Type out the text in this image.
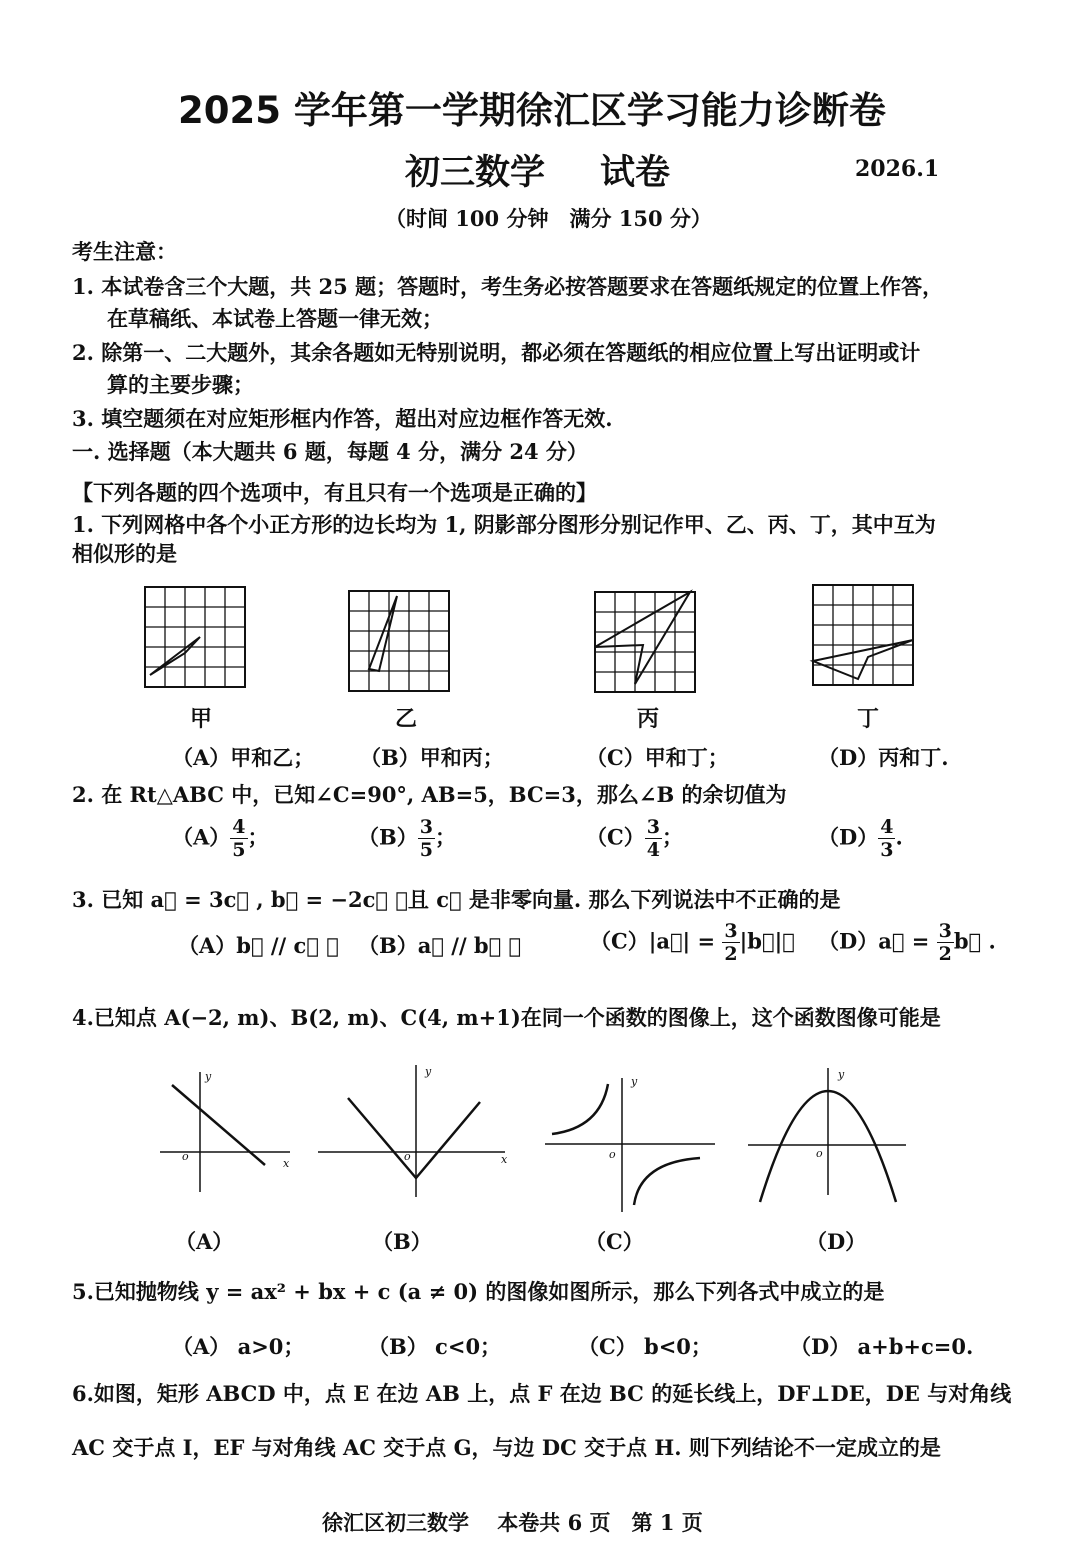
2025 学年第一学期徐汇区学习能力诊断卷
初三数学 试卷	2026.1
（时间 100 分钟　满分 150 分）
考生注意：
1. 本试卷含三个大题，共 25 题；答题时，考生务必按答题要求在答题纸规定的位置上作答，
在草稿纸、本试卷上答题一律无效；
2. 除第一、二大题外，其余各题如无特别说明，都必须在答题纸的相应位置上写出证明或计
算的主要步骤；
3. 填空题须在对应矩形框内作答，超出对应边框作答无效.
一. 选择题（本大题共 6 题，每题 4 分，满分 24 分）
【下列各题的四个选项中，有且只有一个选项是正确的】
1. 下列网格中各个小正方形的边长均为 1, 阴影部分图形分别记作甲、乙、丙、丁，其中互为
相似形的是
甲	乙	丙	丁
（A）甲和乙； （B）甲和丙；	（C）甲和丁；	（D）丙和丁.
2. 在 Rt△ABC 中，已知∠C=90°, AB=5，BC=3，那么∠B 的余切值为
$(A) \frac{4}{5}$ ；	$(B) \frac{3}{5}$ ；	$(C) \frac{3}{4}$ ；	$(D) \frac{4}{3}$ .
3. 已知 a⃗ = 3c⃗ , b⃗ = −2c⃗ ，且 c⃗ 是非零向量. 那么下列说法中不正确的是
（A）b⃗ // c⃗ ； （B）a⃗ // b⃗ ；	（C）|a⃗| = $\frac{3}{2}$ |b⃗|； （D）a⃗ = $\frac{3}{2}$ b⃗ .
4.已知点 A(−2, m)、B(2, m)、C(4, m+1)在同一个函数的图像上，这个函数图像可能是
o
x
y
o	x
y
o
y
o
y
（A）	（B）	（C）	（D）
5.已知抛物线 y = ax² + bx + c (a ≠ 0) 的图像如图所示，那么下列各式中成立的是
（A） a>0；	（B） c<0；	（C） b<0；	（D） a+b+c=0.
6.如图，矩形 ABCD 中，点 E 在边 AB 上，点 F 在边 BC 的延长线上，DF⊥DE，DE 与对角线
AC 交于点 I，EF 与对角线 AC 交于点 G，与边 DC 交于点 H. 则下列结论不一定成立的是
徐汇区初三数学　 本卷共 6 页　第 1 页
